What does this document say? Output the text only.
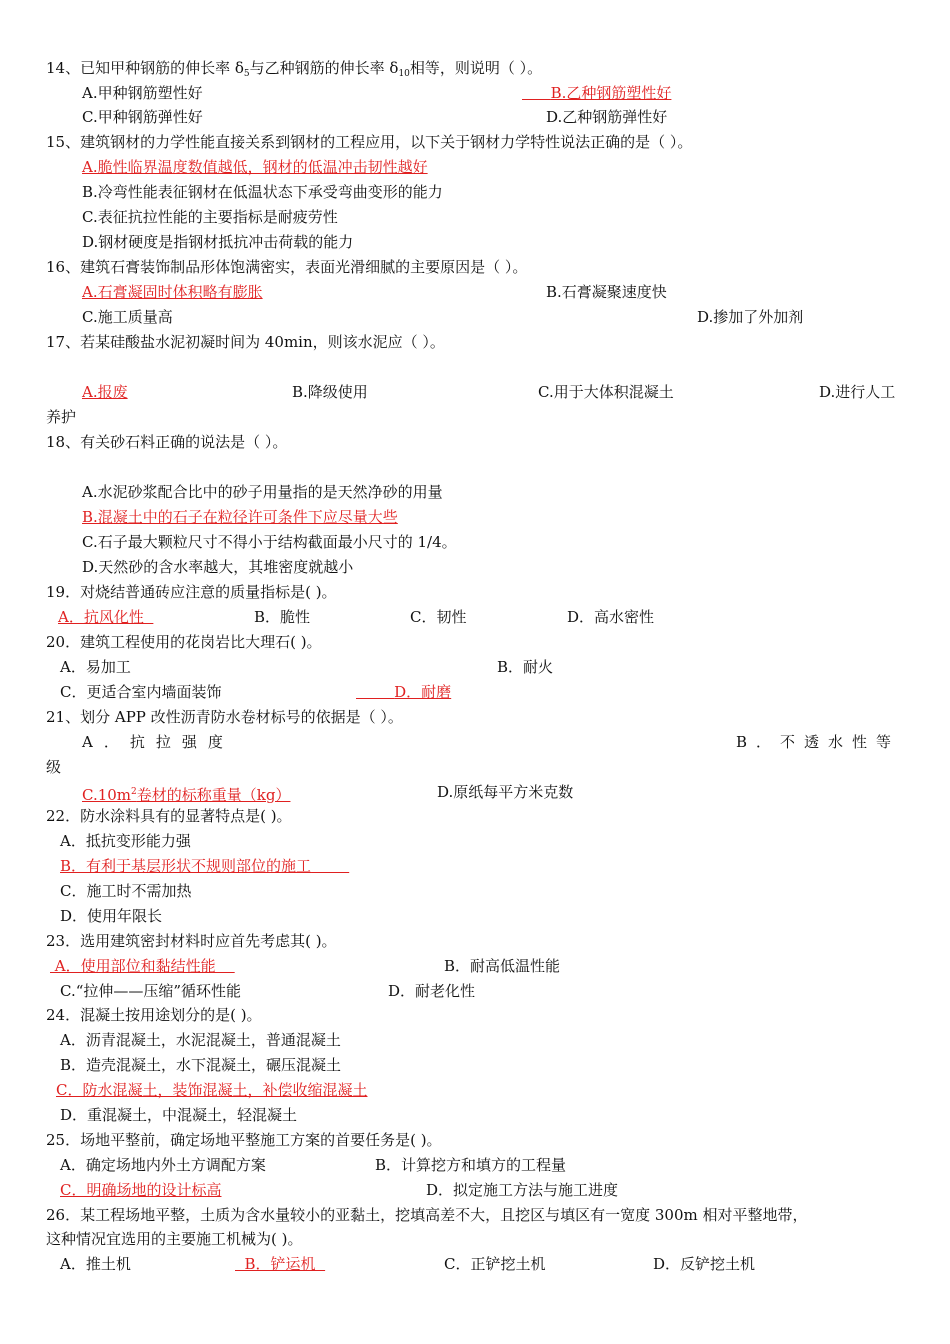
14、已知甲种钢筋的伸长率 $\delta_5$与乙种钢筋的伸长率 $\delta_{10}$相等，则说明（ ）。
A.甲种钢筋塑性好	B.乙种钢筋塑性好
C.甲种钢筋弹性好	D.乙种钢筋弹性好
15、建筑钢材的力学性能直接关系到钢材的工程应用，以下关于钢材力学特性说法正确的是（ ）。
A.脆性临界温度数值越低，钢材的低温冲击韧性越好
B.冷弯性能表征钢材在低温状态下承受弯曲变形的能力
C.表征抗拉性能的主要指标是耐疲劳性
D.钢材硬度是指钢材抵抗冲击荷载的能力
16、建筑石膏装饰制品形体饱满密实，表面光滑细腻的主要原因是（ ）。
A.石膏凝固时体积略有膨胀	B.石膏凝聚速度快
C.施工质量高	D.掺加了外加剂
17、若某硅酸盐水泥初凝时间为 40min，则该水泥应（ ）。
A.报废	B.降级使用	C.用于大体积混凝土	D.进行人工
养护
18、有关砂石料正确的说法是（ ）。
A.水泥砂浆配合比中的砂子用量指的是天然净砂的用量
B.混凝土中的石子在粒径许可条件下应尽量大些
C.石子最大颗粒尺寸不得小于结构截面最小尺寸的 1/4。
D.天然砂的含水率越大，其堆密度就越小
19．对烧结普通砖应注意的质量指标是( )。
A．抗风化性	B．脆性	C．韧性	D．高水密性
20．建筑工程使用的花岗岩比大理石( )。
A．易加工	B．耐火
C．更适合室内墙面装饰	D．耐磨
21、划分 APP 改性沥青防水卷材标号的依据是（ ）。
A．抗拉强度	B．不透水性等
级
$C.10m^2$卷材的标称重量（kg）	D.原纸每平方米克数
22．防水涂料具有的显著特点是( )。
A．抵抗变形能力强
B．有利于基层形状不规则部位的施工
C．施工时不需加热
D．使用年限长
23．选用建筑密封材料时应首先考虑其( )。
A．使用部位和黏结性能	B．耐高低温性能
C.“拉伸——压缩”循环性能	D．耐老化性
24．混凝土按用途划分的是( )。
A．沥青混凝土，水泥混凝土，普通混凝土
B．造壳混凝土，水下混凝土，碾压混凝土
C．防水混凝土，装饰混凝土，补偿收缩混凝土
D．重混凝土，中混凝土，轻混凝土
25．场地平整前，确定场地平整施工方案的首要任务是( )。
A．确定场地内外土方调配方案	B．计算挖方和填方的工程量
C．明确场地的设计标高	D．拟定施工方法与施工进度
26．某工程场地平整，土质为含水量较小的亚黏土，挖填高差不大，且挖区与填区有一宽度 300m 相对平整地带，
这种情况宜选用的主要施工机械为( )。
A．推土机	B．铲运机	C．正铲挖土机	D．反铲挖土机
